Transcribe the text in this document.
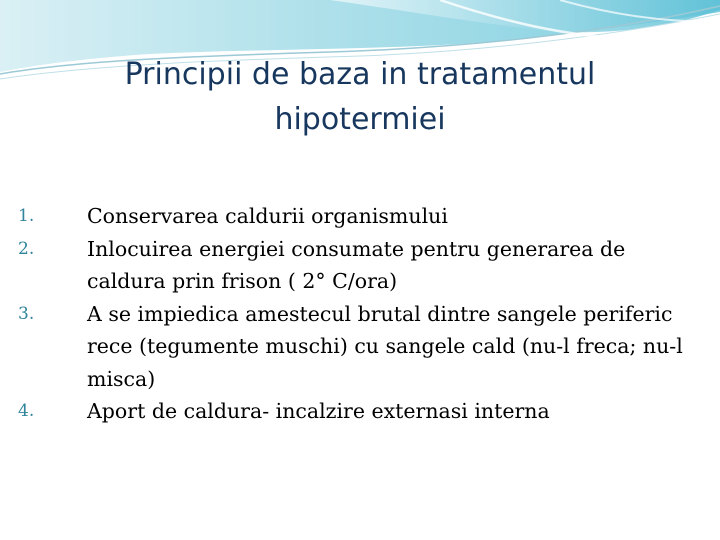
Principii de baza in tratamentul hipotermiei
1.	Conservarea caldurii organismului
2.	Inlocuirea energiei consumate pentru generarea de caldura prin frison ( 2° C/ora)
3.	A se impiedica amestecul brutal dintre sangele periferic rece (tegumente muschi) cu sangele cald (nu-l freca; nu-l misca)
4.	Aport de caldura- incalzire externasi interna
